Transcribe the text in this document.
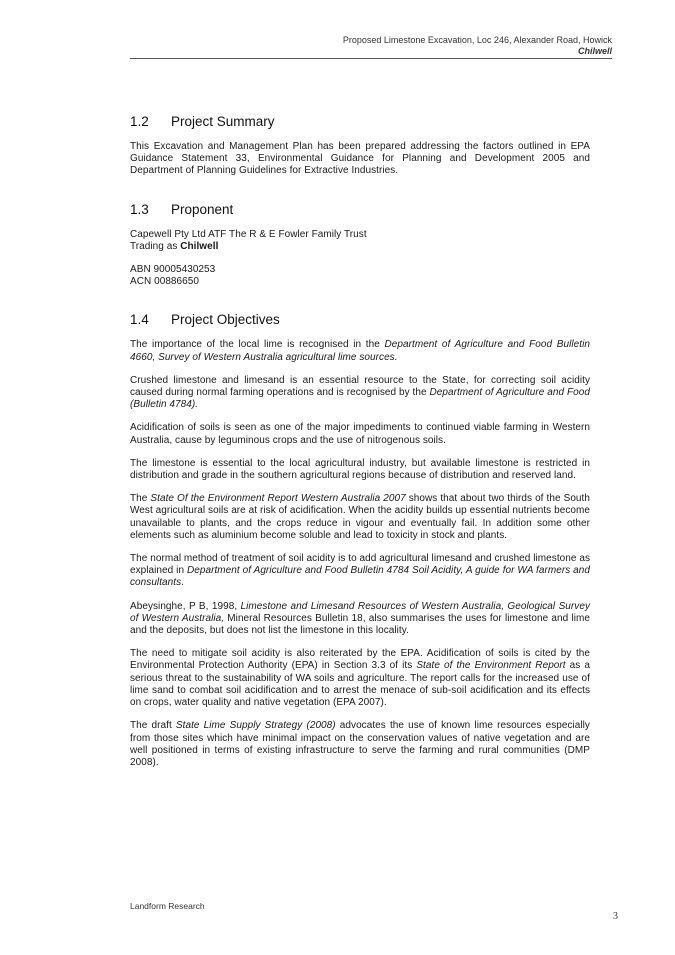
Proposed Limestone Excavation, Loc 246, Alexander Road, Howick
Chilwell
1.2 Project Summary

This Excavation and Management Plan has been prepared addressing the factors outlined in EPA Guidance Statement 33, Environmental Guidance for Planning and Development 2005 and Department of Planning Guidelines for Extractive Industries.

1.3 Proponent

Capewell Pty Ltd ATF The R & E Fowler Family Trust
Trading as Chilwell

ABN 90005430253
ACN 00886650

1.4 Project Objectives

The importance of the local lime is recognised in the Department of Agriculture and Food Bulletin 4660, Survey of Western Australia agricultural lime sources.

Crushed limestone and limesand is an essential resource to the State, for correcting soil acidity caused during normal farming operations and is recognised by the Department of Agriculture and Food (Bulletin 4784).

Acidification of soils is seen as one of the major impediments to continued viable farming in Western Australia, cause by leguminous crops and the use of nitrogenous soils.

The limestone is essential to the local agricultural industry, but available limestone is restricted in distribution and grade in the southern agricultural regions because of distribution and reserved land.

The State Of the Environment Report Western Australia 2007 shows that about two thirds of the South West agricultural soils are at risk of acidification. When the acidity builds up essential nutrients become unavailable to plants, and the crops reduce in vigour and eventually fail. In addition some other elements such as aluminium become soluble and lead to toxicity in stock and plants.

The normal method of treatment of soil acidity is to add agricultural limesand and crushed limestone as explained in Department of Agriculture and Food Bulletin 4784 Soil Acidity, A guide for WA farmers and consultants.

Abeysinghe, P B, 1998, Limestone and Limesand Resources of Western Australia, Geological Survey of Western Australia, Mineral Resources Bulletin 18, also summarises the uses for limestone and lime and the deposits, but does not list the limestone in this locality.

The need to mitigate soil acidity is also reiterated by the EPA. Acidification of soils is cited by the Environmental Protection Authority (EPA) in Section 3.3 of its State of the Environment Report as a serious threat to the sustainability of WA soils and agriculture. The report calls for the increased use of lime sand to combat soil acidification and to arrest the menace of sub-soil acidification and its effects on crops, water quality and native vegetation (EPA 2007).

The draft State Lime Supply Strategy (2008) advocates the use of known lime resources especially from those sites which have minimal impact on the conservation values of native vegetation and are well positioned in terms of existing infrastructure to serve the farming and rural communities (DMP 2008).

Landform Research
3
